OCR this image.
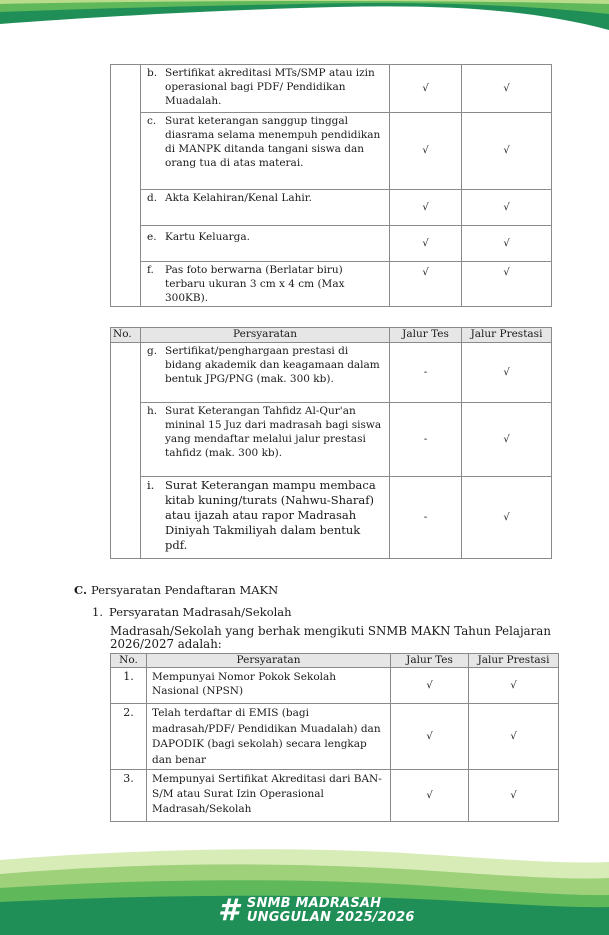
	b. Sertifikat akreditasi MTs/SMP atau izin operasional bagi PDF/ Pendidikan Muadalah.	√	√

	c. Surat keterangan sanggup tinggal diasrama selama menempuh pendidikan di MANPK ditanda tangani siswa dan orang tua di atas materai.	√	√

	d. Akta Kelahiran/Kenal Lahir.	√	√

	e. Kartu Keluarga.	√	√

	f. Pas foto berwarna (Berlatar biru) terbaru ukuran 3 cm x 4 cm (Max 300KB).	√	√
No.	Persyaratan	Jalur Tes	Jalur Prestasi

	g. Sertifikat/penghargaan prestasi di bidang akademik dan keagamaan dalam bentuk JPG/PNG (mak. 300 kb).	-	√

	h. Surat Keterangan Tahfidz Al-Qur'an mininal 15 Juz dari madrasah bagi siswa yang mendaftar melalui jalur prestasi tahfidz (mak. 300 kb).	-	√

	i. Surat Keterangan mampu membaca kitab kuning/turats (Nahwu-Sharaf) atau ijazah atau rapor Madrasah Diniyah Takmiliyah dalam bentuk pdf.	-	√
C. Persyaratan Pendaftaran MAKN
1. Persyaratan Madrasah/Sekolah
Madrasah/Sekolah yang berhak mengikuti SNMB MAKN Tahun Pelajaran 2026/2027 adalah:
No.	Persyaratan	Jalur Tes	Jalur Prestasi
1.	Mempunyai Nomor Pokok Sekolah Nasional (NPSN)	√	√
2.	Telah terdaftar di EMIS (bagi madrasah/PDF/ Pendidikan Muadalah) dan DAPODIK (bagi sekolah) secara lengkap dan benar	√	√
3.	Mempunyai Sertifikat Akreditasi dari BAN- S/M atau Surat Izin Operasional Madrasah/Sekolah	√	√
# SNMB MADRASAH
UNGGULAN 2025/2026
